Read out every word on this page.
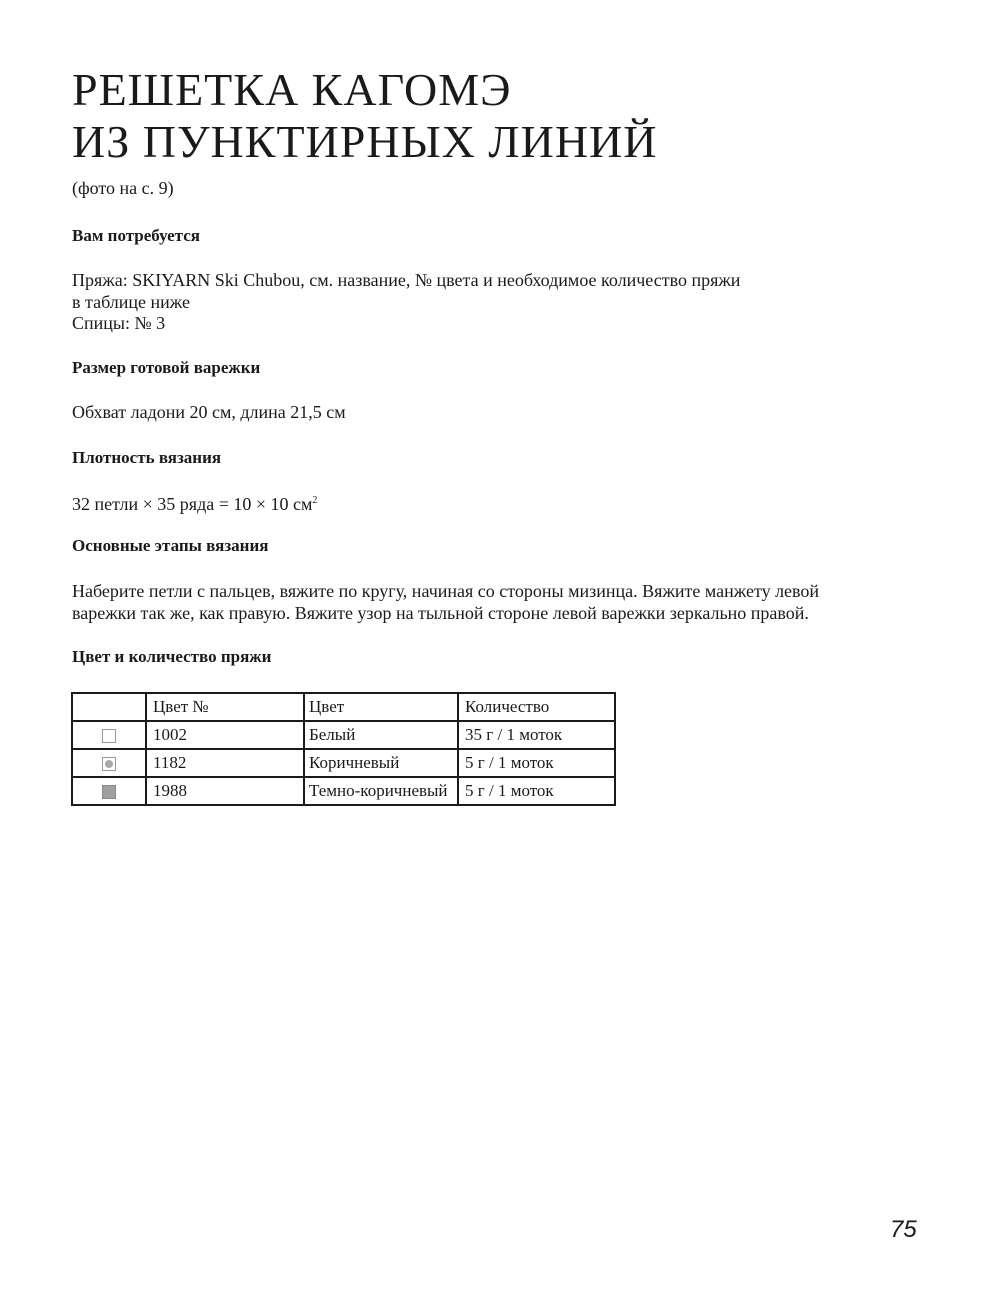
РЕШЕТКА КАГОМЭ
ИЗ ПУНКТИРНЫХ ЛИНИЙ
(фото на с. 9)
Вам потребуется

Пряжа: SKIYARN Ski Chubou, см. название, № цвета и необходимое количество пряжи

в таблице ниже

Спицы: № 3

Размер готовой варежки

Обхват ладони 20 см, длина 21,5 см

Плотность вязания

32 петли × 35 ряда = 10 × 10 $см^2$

Основные этапы вязания

Наберите петли с пальцев, вяжите по кругу, начиная со стороны мизинца. Вяжите манжету левой

варежки так же, как правую. Вяжите узор на тыльной стороне левой варежки зеркально правой.

Цвет и количество пряжи
	Цвет №	Цвет	Количество
	1002	Белый	35 г / 1 моток
	1182	Коричневый	5 г / 1 моток
	1988	Темно-коричневый	5 г / 1 моток
75
